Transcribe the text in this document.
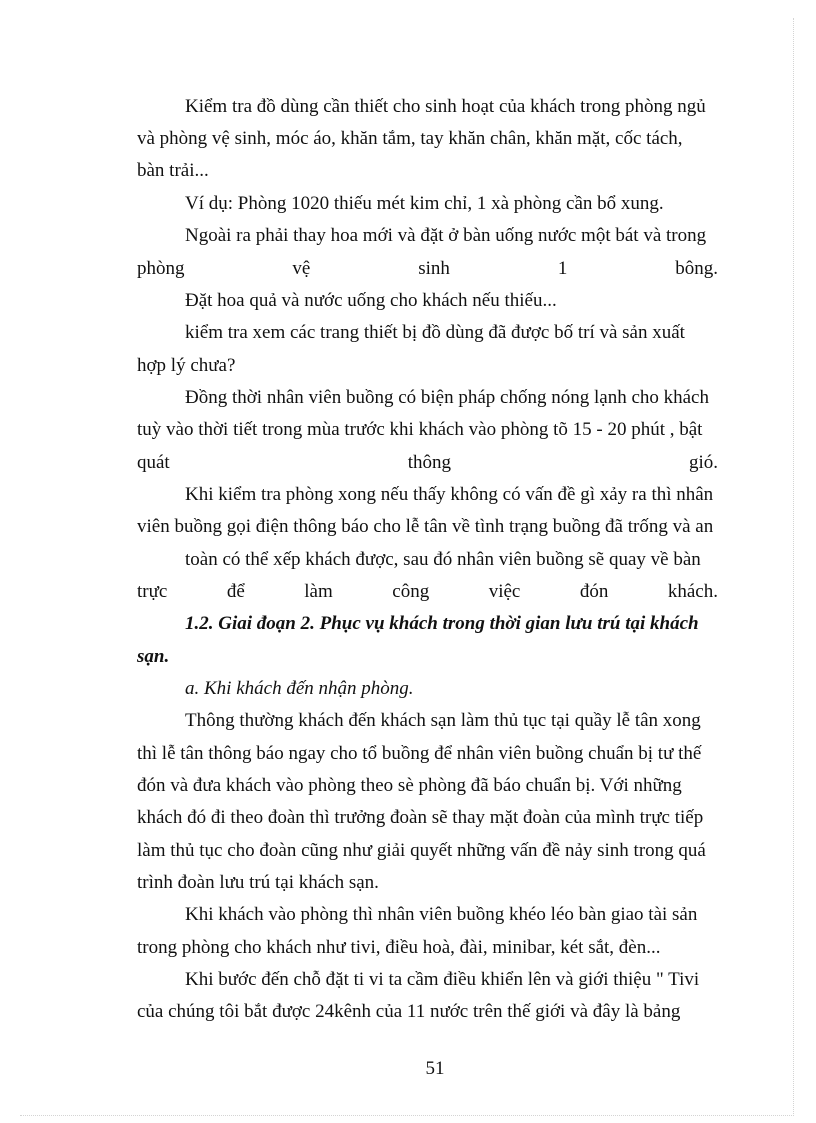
Kiểm tra đồ dùng cần thiết cho sinh hoạt của khách trong phòng ngủ

và phòng vệ sinh, móc áo, khăn tắm, tay khăn chân, khăn mặt, cốc tách,

bàn trải...

Ví dụ: Phòng 1020 thiếu mét kim chỉ, 1 xà phòng cần bổ xung.

Ngoài ra phải thay hoa mới và đặt ở bàn uống nước một bát và trong

phòng	vệ	sinh	1	bông.

Đặt hoa quả và nước uống cho khách nếu thiếu...

kiểm tra xem các trang thiết bị đồ dùng đã được bố trí và sản xuất

hợp lý chưa?

Đồng thời nhân viên buồng có biện pháp chống nóng lạnh cho khách

tuỳ vào thời tiết trong mùa trước khi khách vào phòng tõ 15 - 20 phút , bật

quát	thông	gió.

Khi kiểm tra phòng xong nếu thấy không có vấn đề gì xảy ra thì nhân

viên buồng gọi điện thông báo cho lễ tân về tình trạng buồng đã trống và an

toàn có thể xếp khách được, sau đó nhân viên buồng sẽ quay về bàn

trực	để	làm	công	việc	đón	khách.

1.2. Giai đoạn 2. Phục vụ khách trong thời gian lưu trú tại khách

sạn.

a. Khi khách đến nhận phòng.

Thông thường khách đến khách sạn làm thủ tục tại quầy lễ tân xong

thì lễ tân thông báo ngay cho tổ buồng để nhân viên buồng chuẩn bị tư thế

đón và đưa khách vào phòng theo sè phòng đã báo chuẩn bị. Với những

khách đó đi theo đoàn thì trưởng đoàn sẽ thay mặt đoàn của mình trực tiếp

làm thủ tục cho đoàn cũng như giải quyết những vấn đề nảy sinh trong quá

trình đoàn lưu trú tại khách sạn.

Khi khách vào phòng thì nhân viên buồng khéo léo bàn giao tài sản

trong phòng cho khách như tivi, điều hoà, đài, minibar, két sắt, đèn...

Khi bước đến chỗ đặt ti vi ta cầm điều khiển lên và giới thiệu " Tivi

của chúng tôi bắt được 24kênh của 11 nước trên thế giới và đây là bảng

51
